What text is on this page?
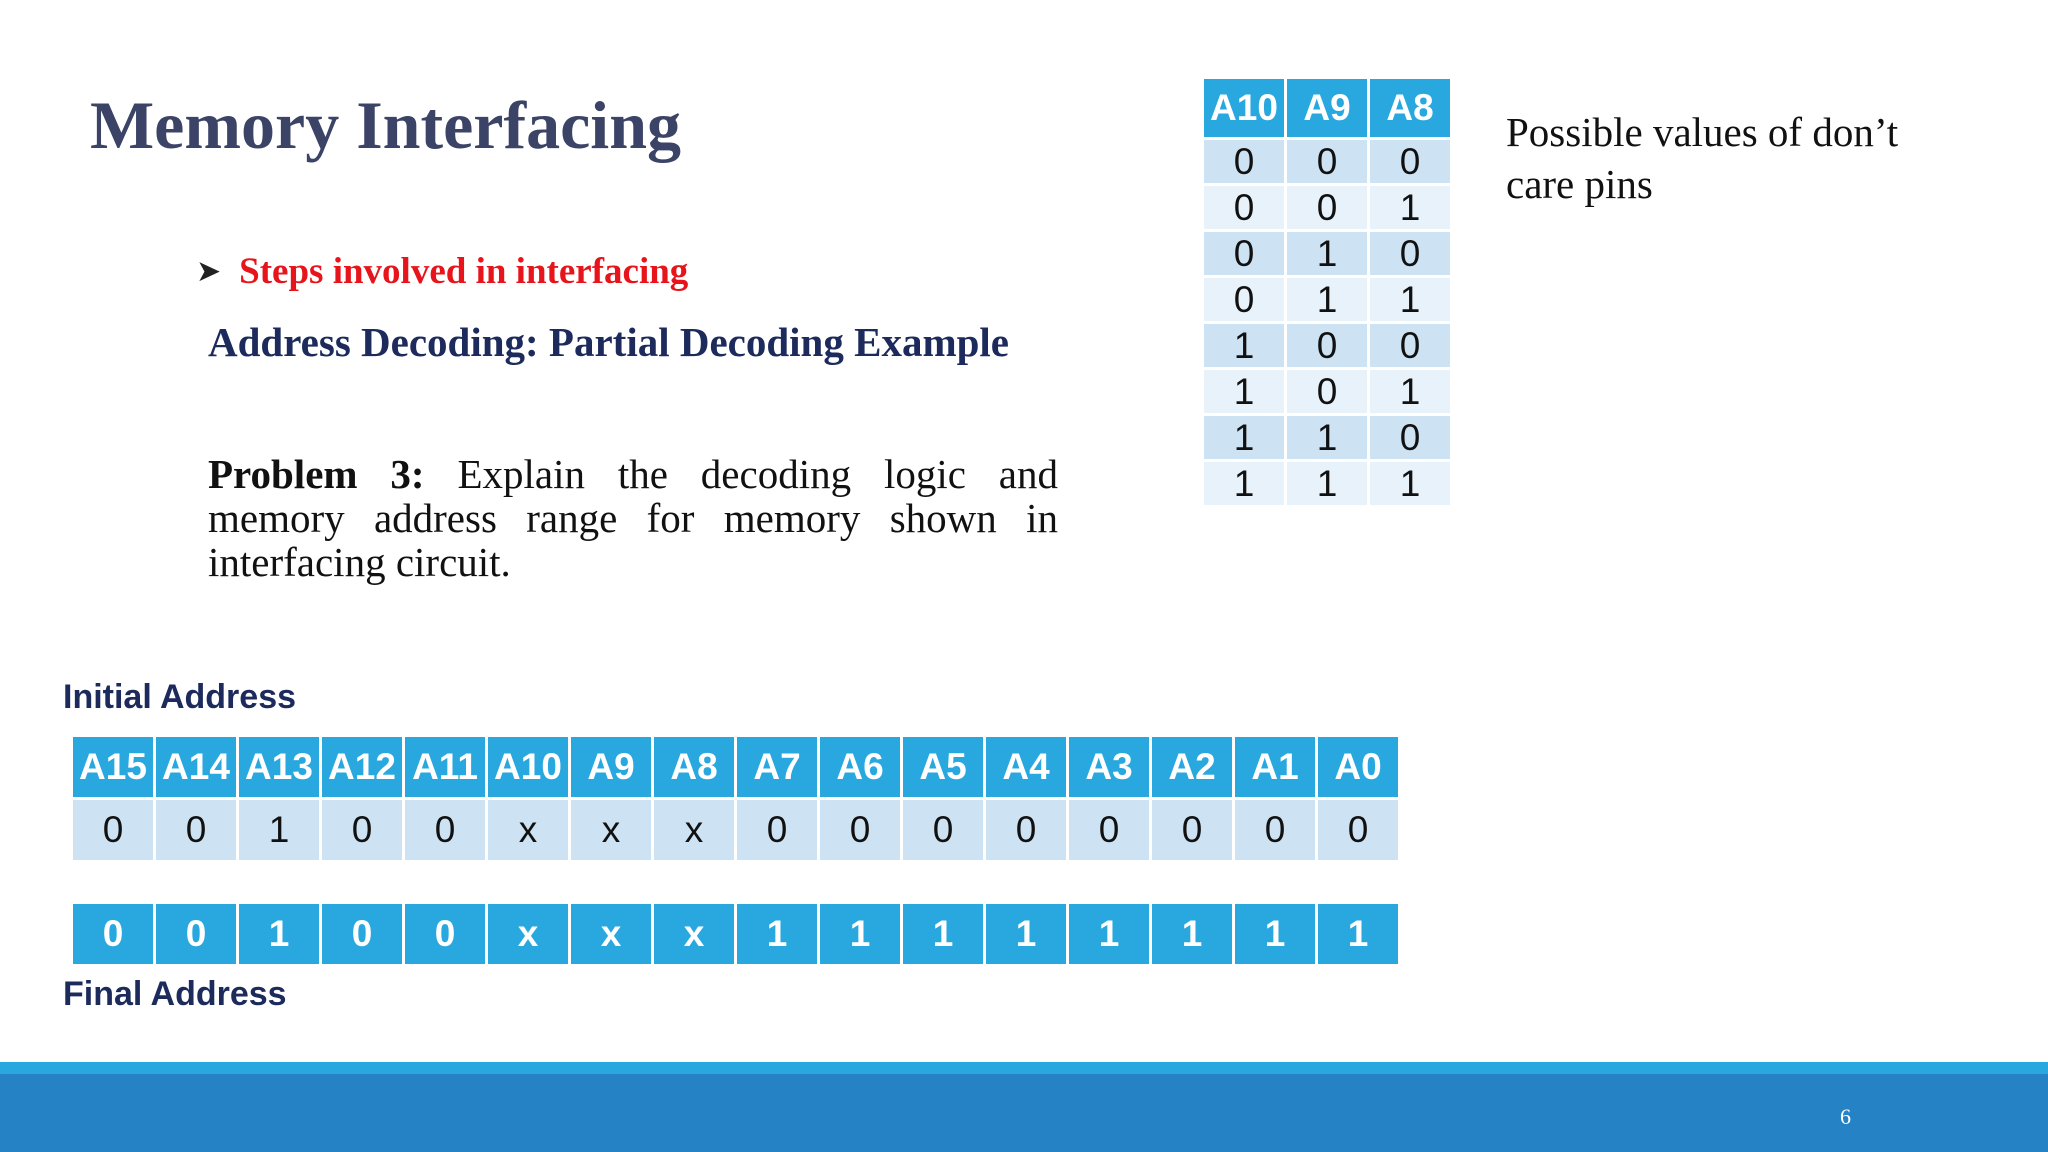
Memory Interfacing
➤ Steps involved in interfacing
Address Decoding: Partial Decoding Example

Problem 3: Explain the decoding logic and memory address range for memory shown in interfacing circuit.

Possible values of don’t care pins
A10	A9	A8
0	0	0
0	0	1
0	1	0
0	1	1
1	0	0
1	0	1
1	1	0
1	1	1
Initial Address
A15	A14	A13	A12	A11	A10	A9	A8	A7	A6	A5	A4	A3	A2	A1	A0
0	0	1	0	0	x	x	x	0	0	0	0	0	0	0	0
0	0	1	0	0	x	x	x	1	1	1	1	1	1	1	1
Final Address
6
